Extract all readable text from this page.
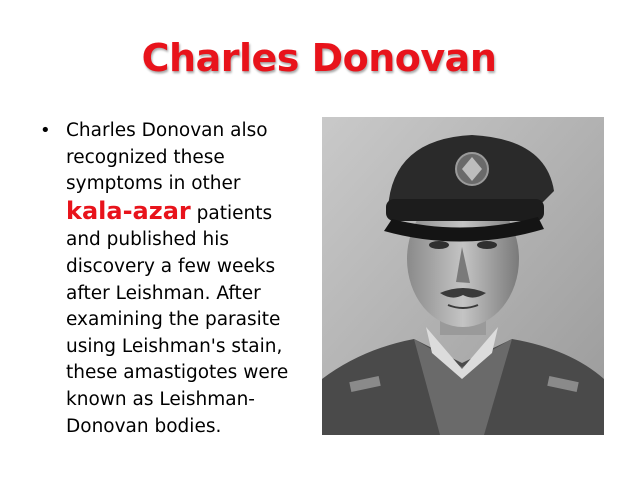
Charles Donovan
• Charles Donovan also
recognized these
symptoms in other
kala-azar patients
and published his
discovery a few weeks
after Leishman. After
examining the parasite
using Leishman's stain,
these amastigotes were
known as Leishman-
Donovan bodies.
